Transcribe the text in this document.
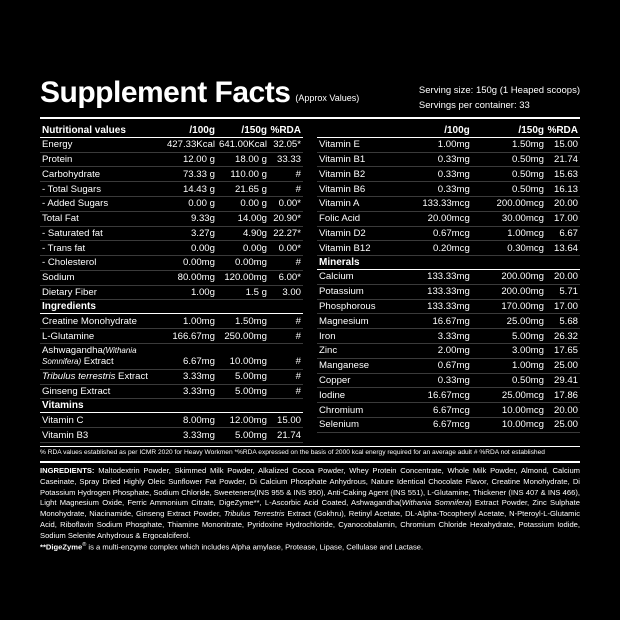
Supplement Facts (Approx Values)
Serving size: 150g (1 Heaped scoops)
Servings per container: 33
Nutritional values	/100g	/150g	%RDA
Energy	427.33Kcal	641.00Kcal	32.05*
Protein	12.00 g	18.00 g	33.33
Carbohydrate	73.33 g	110.00 g	#
- Total Sugars	14.43 g	21.65 g	#
- Added Sugars	0.00 g	0.00 g	0.00*
Total Fat	9.33g	14.00g	20.90*
- Saturated fat	3.27g	4.90g	22.27*
- Trans fat	0.00g	0.00g	0.00*
- Cholesterol	0.00mg	0.00mg	#
Sodium	80.00mg	120.00mg	6.00*
Dietary Fiber	1.00g	1.5 g	3.00
Ingredients			
Creatine Monohydrate	1.00mg	1.50mg	#
L-Glutamine	166.67mg	250.00mg	#
Ashwagandha(Withania Somnifera) Extract	6.67mg	10.00mg	#
Tribulus terrestris Extract	3.33mg	5.00mg	#
Ginseng Extract	3.33mg	5.00mg	#
Vitamins			
Vitamin C	8.00mg	12.00mg	15.00
Vitamin B3	3.33mg	5.00mg	21.74
	/100g	/150g	%RDA
Vitamin E	1.00mg	1.50mg	15.00
Vitamin B1	0.33mg	0.50mg	21.74
Vitamin B2	0.33mg	0.50mg	15.63
Vitamin B6	0.33mg	0.50mg	16.13
Vitamin A	133.33mcg	200.00mcg	20.00
Folic Acid	20.00mcg	30.00mcg	17.00
Vitamin D2	0.67mcg	1.00mcg	6.67
Vitamin B12	0.20mcg	0.30mcg	13.64
Minerals			
Calcium	133.33mg	200.00mg	20.00
Potassium	133.33mg	200.00mg	5.71
Phosphorous	133.33mg	170.00mg	17.00
Magnesium	16.67mg	25.00mg	5.68
Iron	3.33mg	5.00mg	26.32
Zinc	2.00mg	3.00mg	17.65
Manganese	0.67mg	1.00mg	25.00
Copper	0.33mg	0.50mg	29.41
Iodine	16.67mcg	25.00mcg	17.86
Chromium	6.67mcg	10.00mcg	20.00
Selenium	6.67mcg	10.00mcg	25.00
% RDA values established as per ICMR 2020 for Heavy Workmen *%RDA expressed on the basis of 2000 kcal energy required for an average adult # %RDA not established
INGREDIENTS: Maltodextrin Powder, Skimmed Milk Powder, Alkalized Cocoa Powder, Whey Protein Concentrate, Whole Milk Powder, Almond, Calcium Caseinate, Spray Dried Highly Oleic Sunflower Fat Powder, Di Calcium Phosphate Anhydrous, Nature Identical Chocolate Flavor, Creatine Monohydrate, Di Potassium Hydrogen Phosphate, Sodium Chloride, Sweeteners(INS 955 & INS 950), Anti-Caking Agent (INS 551), L-Glutamine, Thickener (INS 407 & INS 466), Light Magnesium Oxide, Ferric Ammonium Citrate, DigeZyme**, L-Ascorbic Acid Coated, Ashwagandha(Withania Somnifera) Extract Powder, Zinc Sulphate Monohydrate, Niacinamide, Ginseng Extract Powder, Tribulus Terrestris Extract (Gokhru), Retinyl Acetate, DL-Alpha-Tocopheryl Acetate, N-Pteroyl-L-Glutamic Acid, Riboflavin Sodium Phosphate, Thiamine Mononitrate, Pyridoxine Hydrochloride, Cyanocobalamin, Chromium Chloride Hexahydrate, Potassium Iodide, Sodium Selenite Anhydrous & Ergocalciferol.
**DigeZyme® is a multi-enzyme complex which includes Alpha amylase, Protease, Lipase, Cellulase and Lactase.
